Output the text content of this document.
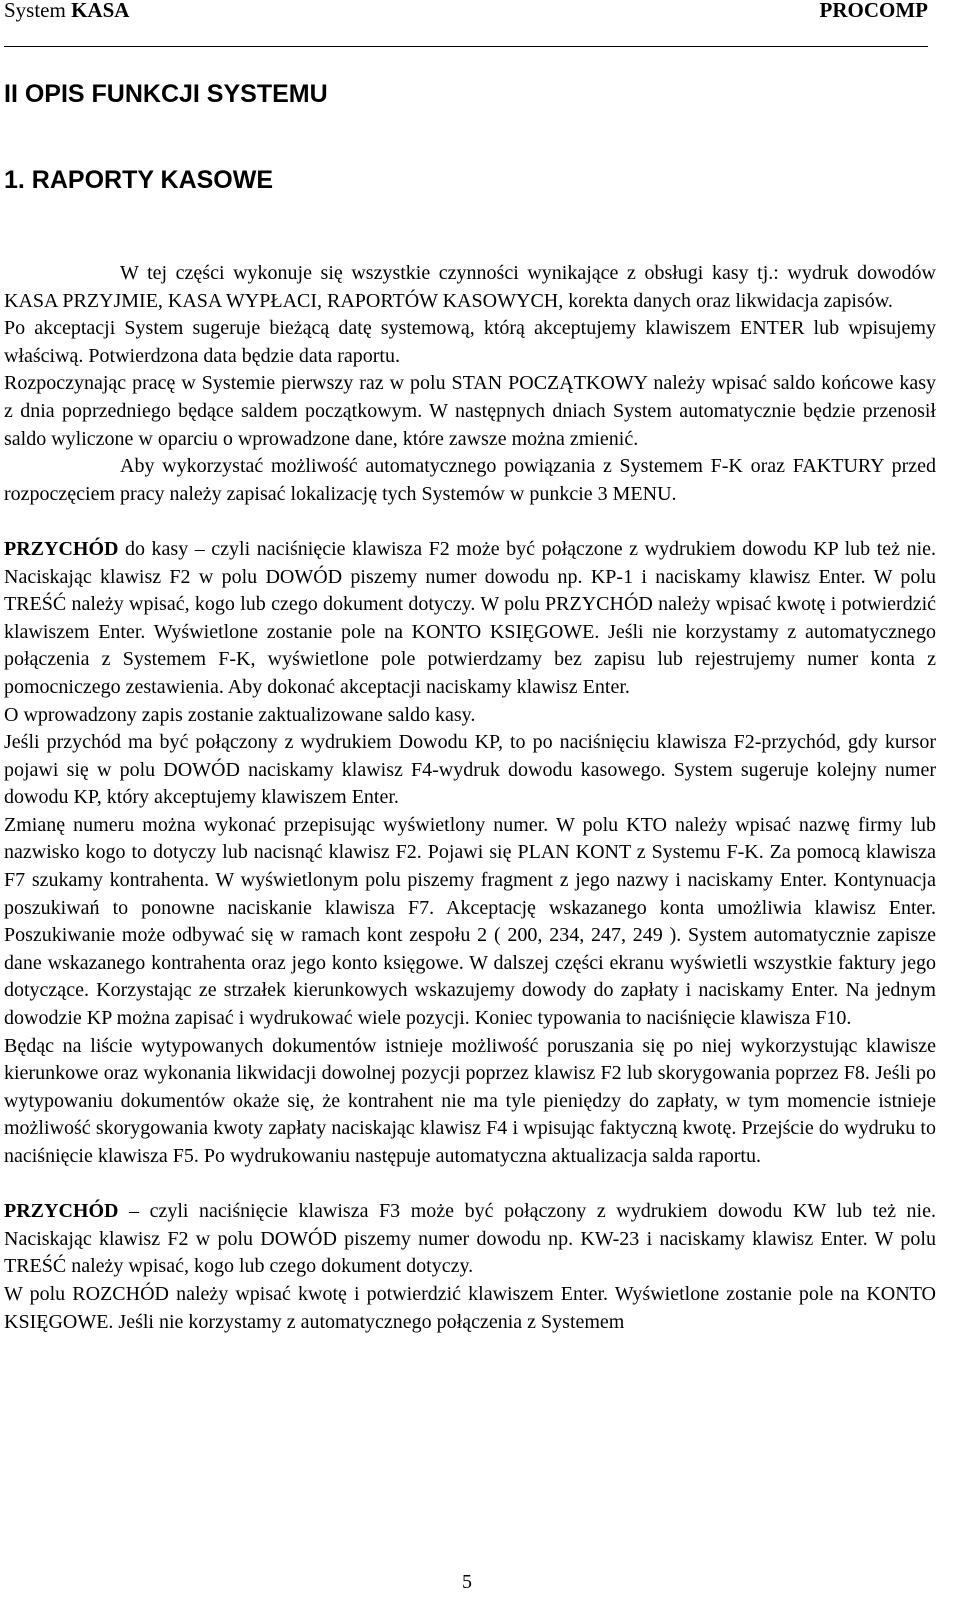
System KASA	PROCOMP
II OPIS FUNKCJI SYSTEMU
1. RAPORTY KASOWE

W tej części wykonuje się wszystkie czynności wynikające z obsługi kasy tj.: wydruk dowodów KASA PRZYJMIE, KASA WYPŁACI, RAPORTÓW KASOWYCH, korekta danych oraz likwidacja zapisów.

Po akceptacji System sugeruje bieżącą datę systemową, którą akceptujemy klawiszem ENTER lub wpisujemy właściwą. Potwierdzona data będzie data raportu.

Rozpoczynając pracę w Systemie pierwszy raz w polu STAN POCZĄTKOWY należy wpisać saldo końcowe kasy z dnia poprzedniego będące saldem początkowym. W następnych dniach System automatycznie będzie przenosił saldo wyliczone w oparciu o wprowadzone dane, które zawsze można zmienić.

Aby wykorzystać możliwość automatycznego powiązania z Systemem F-K oraz FAKTURY przed rozpoczęciem pracy należy zapisać lokalizację tych Systemów w punkcie 3 MENU.

PRZYCHÓD do kasy – czyli naciśnięcie klawisza F2 może być połączone z wydrukiem dowodu KP lub też nie. Naciskając klawisz F2 w polu DOWÓD piszemy numer dowodu np. KP-1 i naciskamy klawisz Enter. W polu TREŚĆ należy wpisać, kogo lub czego dokument dotyczy. W polu PRZYCHÓD należy wpisać kwotę i potwierdzić klawiszem Enter. Wyświetlone zostanie pole na KONTO KSIĘGOWE. Jeśli nie korzystamy z automatycznego połączenia z Systemem F-K, wyświetlone pole potwierdzamy bez zapisu lub rejestrujemy numer konta z pomocniczego zestawienia. Aby dokonać akceptacji naciskamy klawisz Enter.

O wprowadzony zapis zostanie zaktualizowane saldo kasy.

Jeśli przychód ma być połączony z wydrukiem Dowodu KP, to po naciśnięciu klawisza F2-przychód, gdy kursor pojawi się w polu DOWÓD naciskamy klawisz F4-wydruk dowodu kasowego. System sugeruje kolejny numer dowodu KP, który akceptujemy klawiszem Enter.

Zmianę numeru można wykonać przepisując wyświetlony numer. W polu KTO należy wpisać nazwę firmy lub nazwisko kogo to dotyczy lub nacisnąć klawisz F2. Pojawi się PLAN KONT z Systemu F-K. Za pomocą klawisza F7 szukamy kontrahenta. W wyświetlonym polu piszemy fragment z jego nazwy i naciskamy Enter. Kontynuacja poszukiwań to ponowne naciskanie klawisza F7. Akceptację wskazanego konta umożliwia klawisz Enter. Poszukiwanie może odbywać się w ramach kont zespołu 2 ( 200, 234, 247, 249 ). System automatycznie zapisze dane wskazanego kontrahenta oraz jego konto księgowe. W dalszej części ekranu wyświetli wszystkie faktury jego dotyczące. Korzystając ze strzałek kierunkowych wskazujemy dowody do zapłaty i naciskamy Enter. Na jednym dowodzie KP można zapisać i wydrukować wiele pozycji. Koniec typowania to naciśnięcie klawisza F10.

Będąc na liście wytypowanych dokumentów istnieje możliwość poruszania się po niej wykorzystując klawisze kierunkowe oraz wykonania likwidacji dowolnej pozycji poprzez klawisz F2 lub skorygowania poprzez F8. Jeśli po wytypowaniu dokumentów okaże się, że kontrahent nie ma tyle pieniędzy do zapłaty, w tym momencie istnieje możliwość skorygowania kwoty zapłaty naciskając klawisz F4 i wpisując faktyczną kwotę. Przejście do wydruku to naciśnięcie klawisza F5. Po wydrukowaniu następuje automatyczna aktualizacja salda raportu.

PRZYCHÓD – czyli naciśnięcie klawisza F3 może być połączony z wydrukiem dowodu KW lub też nie. Naciskając klawisz F2 w polu DOWÓD piszemy numer dowodu np. KW-23 i naciskamy klawisz Enter. W polu TREŚĆ należy wpisać, kogo lub czego dokument dotyczy.

W polu ROZCHÓD należy wpisać kwotę i potwierdzić klawiszem Enter. Wyświetlone zostanie pole na KONTO KSIĘGOWE. Jeśli nie korzystamy z automatycznego połączenia z Systemem

5
